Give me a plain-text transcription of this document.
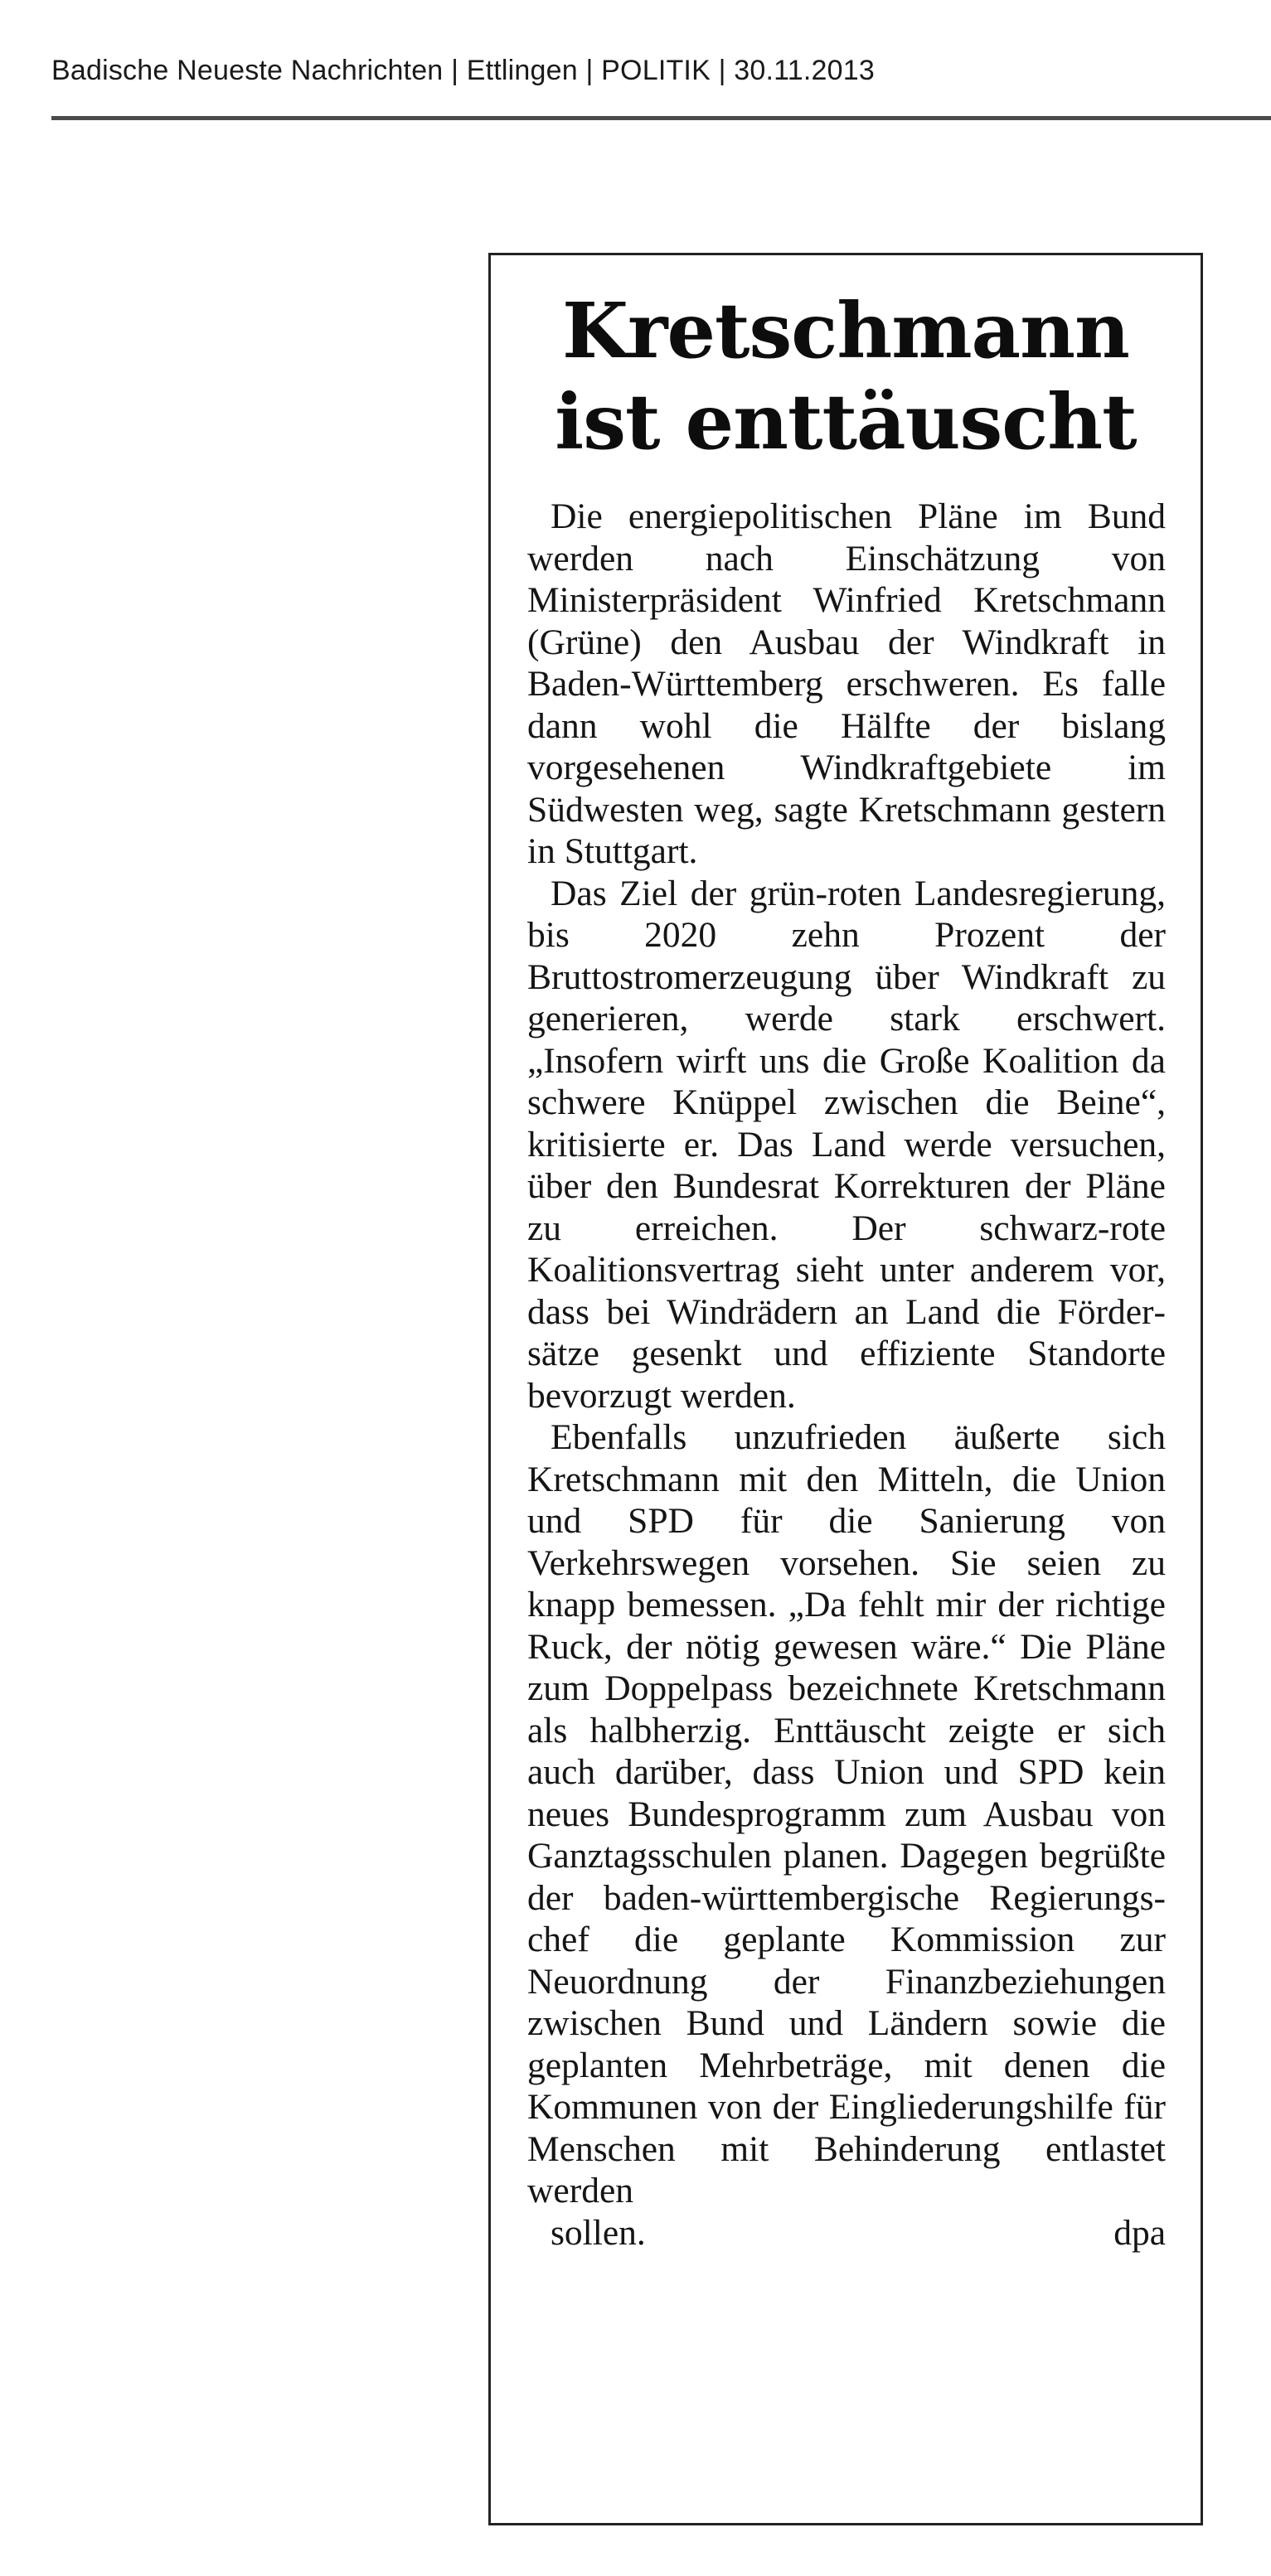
Badische Neueste Nachrichten | Ettlingen | POLITIK | 30.11.2013
Kretschmann
ist enttäuscht

Die energiepolitischen Pläne im Bund werden nach Einschätzung von Ministerpräsident Winfried Kretschmann (Grüne) den Ausbau der Windkraft in Baden-Württemberg erschweren. Es falle dann wohl die Hälfte der bislang vorgesehenen Windkraftgebiete im Südwesten weg, sagte Kretschmann gestern in Stuttgart.

Das Ziel der grün-roten Landesregierung, bis 2020 zehn Prozent der Bruttostromerzeugung über Windkraft zu generieren, werde stark erschwert. „Insofern wirft uns die Große Koalition da schwere Knüppel zwischen die Beine“, kritisierte er. Das Land werde versuchen, über den Bundesrat Korrekturen der Pläne zu erreichen. Der schwarz-rote Koalitionsvertrag sieht unter anderem vor, dass bei Windrädern an Land die Fördersätze gesenkt und effiziente Standorte bevorzugt werden.

Ebenfalls unzufrieden äußerte sich Kretschmann mit den Mitteln, die Union und SPD für die Sanierung von Verkehrswegen vorsehen. Sie seien zu knapp bemessen. „Da fehlt mir der richtige Ruck, der nötig gewesen wäre.“ Die Pläne zum Doppelpass bezeichnete Kretschmann als halbherzig. Enttäuscht zeigte er sich auch darüber, dass Union und SPD kein neues Bundesprogramm zum Ausbau von Ganztagsschulen planen. Dagegen begrüßte der baden-württembergische Regierungschef die geplante Kommission zur Neuordnung der Finanzbeziehungen zwischen Bund und Ländern sowie die geplanten Mehrbeträge, mit denen die Kommunen von der Eingliederungshilfe für Menschen mit Behinderung entlastet werden

sollen.	dpa
